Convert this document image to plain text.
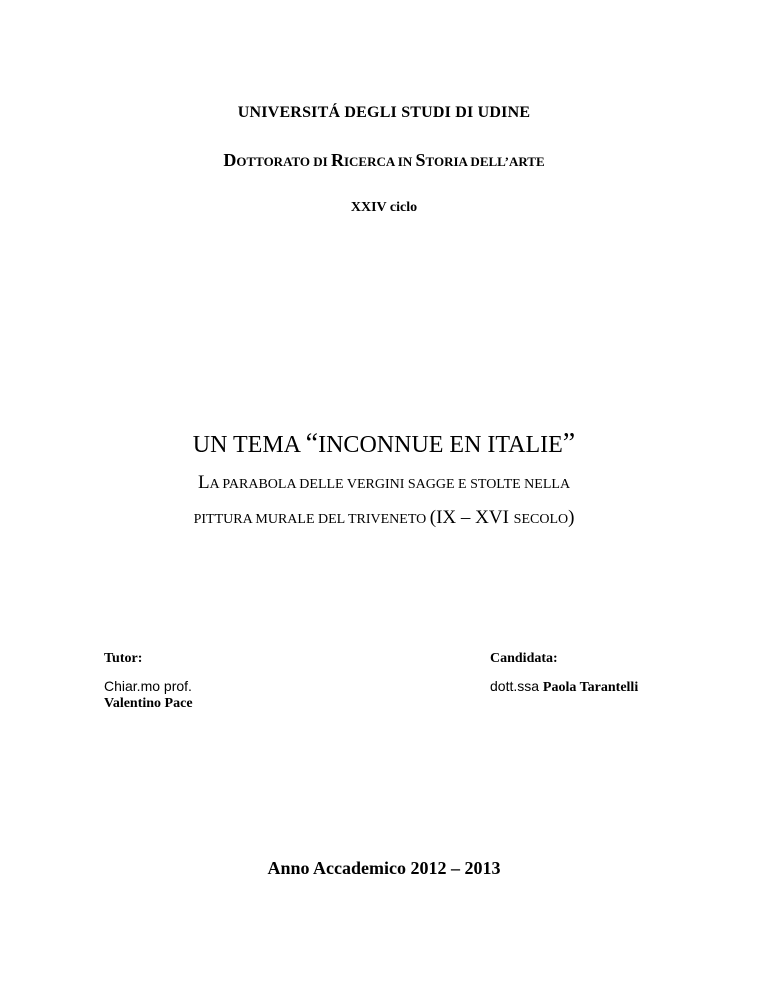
UNIVERSITÁ DEGLI STUDI DI UDINE
DOTTORATO DI RICERCA IN STORIA DELL’ARTE
XXIV ciclo
UN TEMA “INCONNUE EN ITALIE”
LA PARABOLA DELLE VERGINI SAGGE E STOLTE NELLA
PITTURA MURALE DEL TRIVENETO (IX – XVI SECOLO)
Tutor:
Chiar.mo prof.
Valentino Pace
Candidata:
dott.ssa Paola Tarantelli
Anno Accademico 2012 – 2013
